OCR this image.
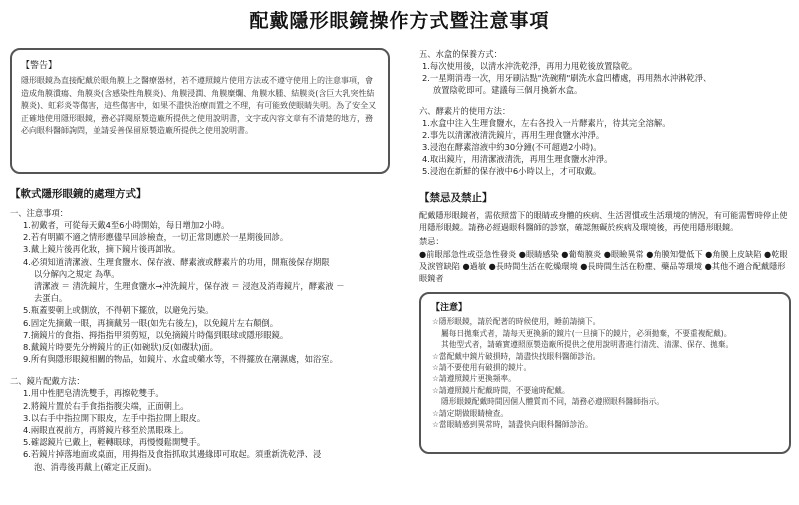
配戴隱形眼鏡操作方式暨注意事項
【警告】
隱形眼鏡為直接配戴於眼角膜上之醫療器材，若不遵照鏡片使用方法或不遵守使用上的注意事項，會造成角膜潰瘍、角膜炎(含感染性角膜炎)、角膜浸潤、角膜糜爛、角膜水腫、結膜炎(含巨大乳突性結膜炎)、虹彩炎等傷害，這些傷害中，如果不盡快治療而置之不理，有可能致使眼睛失明。為了安全又正確地使用隱形眼鏡，務必詳閱原製造廠所提供之使用說明書，文字或內容文章有不清楚的地方，務必向眼科醫師詢問，並請妥善保留原製造廠所提供之使用說明書。
【軟式隱形眼鏡的處理方式】
一、注意事項：
1.初戴者，可從每天戴4至6小時開始，每日增加2小時。
2.若有明顯不適之情形應儘早回診檢查，一切正常則應於一星期後回診。
3.戴上鏡片後再化妝，摘下鏡片後再卸妝。
4.必須知道清潔液、生理食鹽水、保存液、酵素液或酵素片的功用，開瓶後保存期限
以分解內之規定 為準。
清潔液 ＝ 清洗鏡片，生理食鹽水→沖洗鏡片，保存液 ＝ 浸泡及消毒鏡片，酵素液 －
去蛋白。
5.瓶蓋要朝上或側放，不得朝下擺放，以避免污染。
6.固定先摘戴一眼，再摘戴另一眼(如先右後左)，以免鏡片左右顛倒。
7.摘鏡片的食指、拇指指甲須剪短，以免摘鏡片時傷到眼球或隱形眼鏡。
8.戴鏡片時要先分辨鏡片的正(如碗狀)反(如碟狀)面。
9.所有與隱形眼鏡相關的物品，如鏡片、水盒或藥水等，不得擺放在潮濕處，如浴室。
二、鏡片配戴方法：
1.用中性肥皂清洗雙手，再擦乾雙手。
2.將鏡片置於右手食指指腹尖端，正面朝上。
3.以右手中指拉開下眼皮，左手中指拉開上眼皮。
4.兩眼直視前方，再將鏡片移至於黑眼珠上。
5.確認鏡片已戴上，輕轉眼球，再慢慢鬆開雙手。
6.若鏡片掉落地面或桌面，用拇指及食指抓取其邊緣即可取起。須重新洗乾淨、浸
泡、消毒後再戴上(確定正反面)。
五、水盒的保養方式：
1.每次使用後，以清水沖洗乾淨，再用力甩乾後放置陰乾。
2.一星期消毒一次，用牙刷沾點"洗碗精"刷洗水盒凹槽處，再用熱水沖淋乾淨、
放置陰乾即可。建議每三個月換新水盒。
六、酵素片的使用方法：
1.水盒中注入生理食鹽水，左右各投入一片酵素片，待其完全溶解。
2.事先以清潔液清洗鏡片，再用生理食鹽水沖淨。
3.浸泡在酵素溶液中約30分鐘(不可超過2小時)。
4.取出鏡片，用清潔液清洗，再用生理食鹽水沖淨。
5.浸泡在新鮮的保存液中6小時以上，才可取戴。
【禁忌及禁止】
配戴隱形眼鏡者，需依照當下的眼睛或身體的疾病、生活習慣或生活環境的情況，有可能需暫時停止使用隱形眼鏡。請務必經過眼科醫師的診察，確認無礙於疾病及環境後，再使用隱形眼鏡。
禁忌：
●前眼部急性或亞急性發炎 ●眼睛感染 ●葡萄膜炎 ●眼瞼異常 ●角膜知覺低下 ●角膜上皮缺陷 ●乾眼及淚管缺陷 ●過敏 ●長時間生活在乾燥環境 ●長時間生活在粉塵、藥品等環境 ●其他不適合配戴隱形眼鏡者
【注意】
☆隱形眼鏡，請於配著的時候使用，睡前請摘下。
屬每日拋棄式者，請每天更換新的鏡片(一旦摘下的鏡片，必須拋棄，不要重複配戴)。
其他型式者，請確實遵照原製造廠所提供之使用說明書進行清洗、清潔、保存、拋棄。
☆當配戴中鏡片破損時，請盡快找眼科醫師診治。
☆請不要使用有破損的鏡片。
☆請遵照鏡片更換頻率。
☆請遵照鏡片配戴時間，不要逾時配戴。
隱形眼鏡配戴時間因個人體質而不同，請務必遵照眼科醫師指示。
☆請定期做眼睛檢查。
☆當眼睛感到異常時，請盡快向眼科醫師診治。
